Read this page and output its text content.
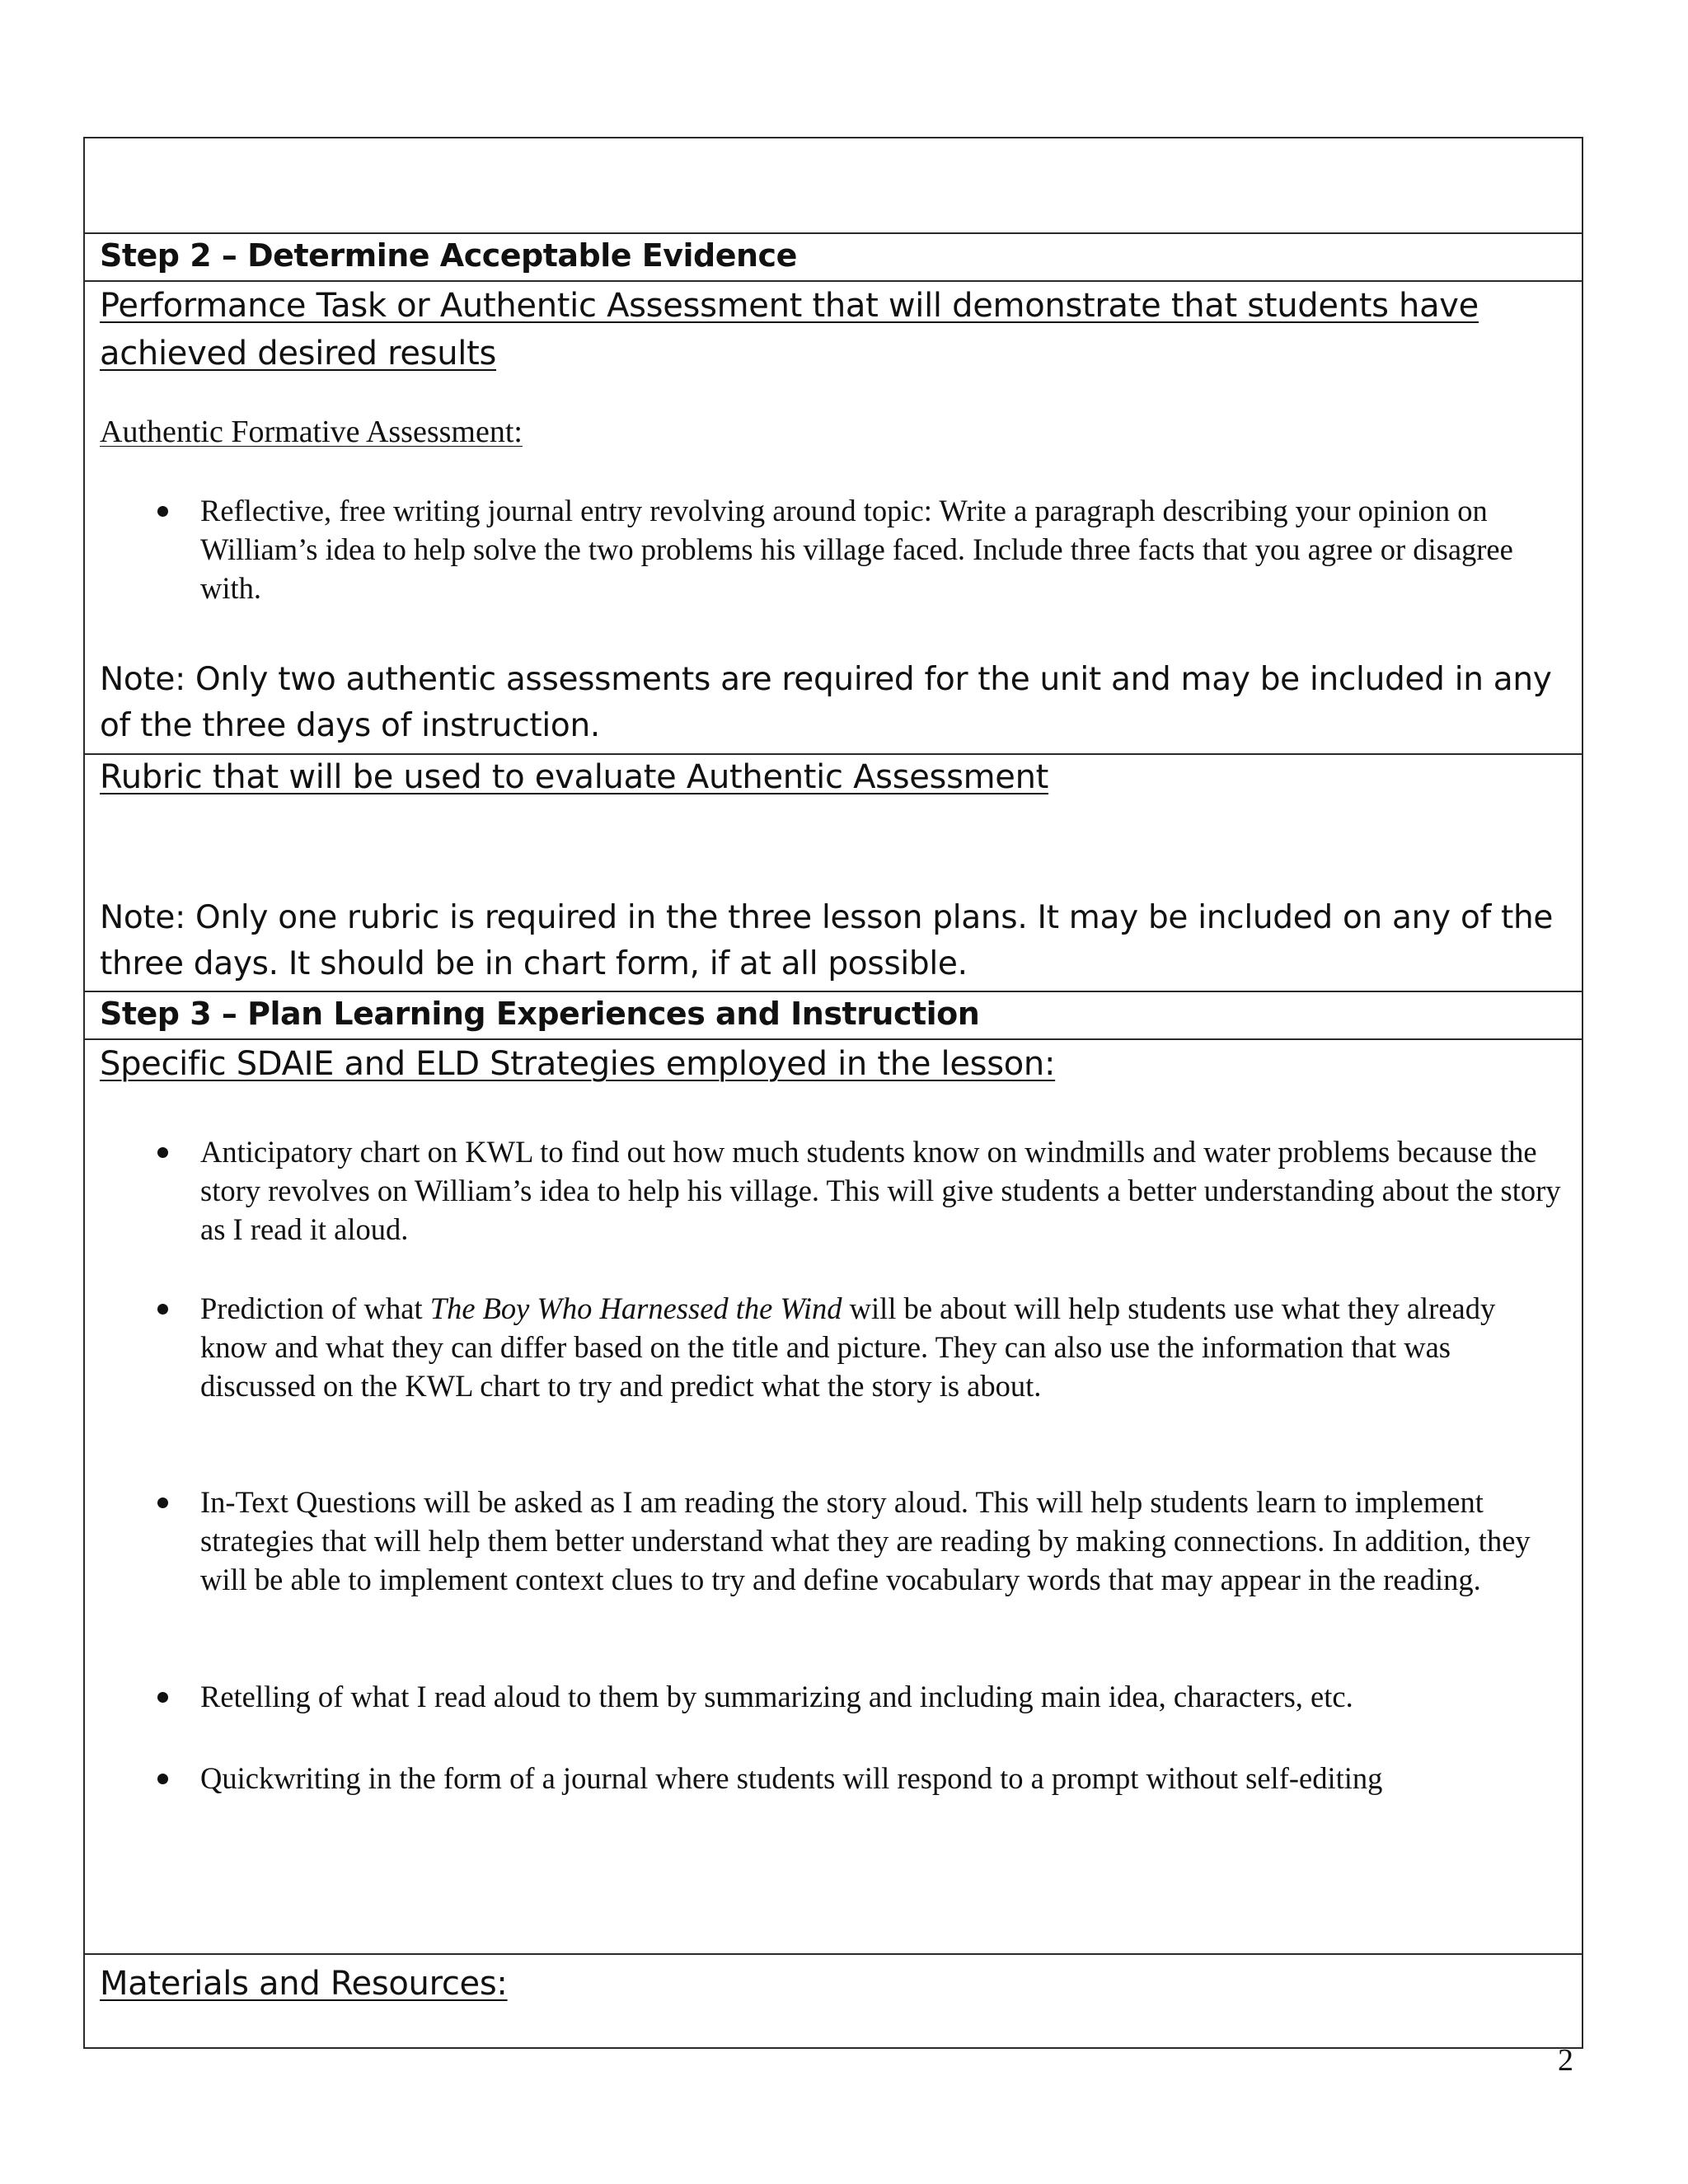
Step 2 – Determine Acceptable Evidence
Performance Task or Authentic Assessment that will demonstrate that students have achieved desired results
Authentic Formative Assessment:
Reflective, free writing journal entry revolving around topic: Write a paragraph describing your opinion on William’s idea to help solve the two problems his village faced. Include three facts that you agree or disagree with.
Note: Only two authentic assessments are required for the unit and may be included in any of the three days of instruction.
Rubric that will be used to evaluate Authentic Assessment
Note: Only one rubric is required in the three lesson plans. It may be included on any of the three days. It should be in chart form, if at all possible.
Step 3 – Plan Learning Experiences and Instruction
Specific SDAIE and ELD Strategies employed in the lesson:
Anticipatory chart on KWL to find out how much students know on windmills and water problems because the story revolves on William’s idea to help his village. This will give students a better understanding about the story as I read it aloud.
Prediction of what The Boy Who Harnessed the Wind will be about will help students use what they already know and what they can differ based on the title and picture. They can also use the information that was discussed on the KWL chart to try and predict what the story is about.
In-Text Questions will be asked as I am reading the story aloud. This will help students learn to implement strategies that will help them better understand what they are reading by making connections. In addition, they will be able to implement context clues to try and define vocabulary words that may appear in the reading.
Retelling of what I read aloud to them by summarizing and including main idea, characters, etc.
Quickwriting in the form of a journal where students will respond to a prompt without self-editing
Materials and Resources:
2
